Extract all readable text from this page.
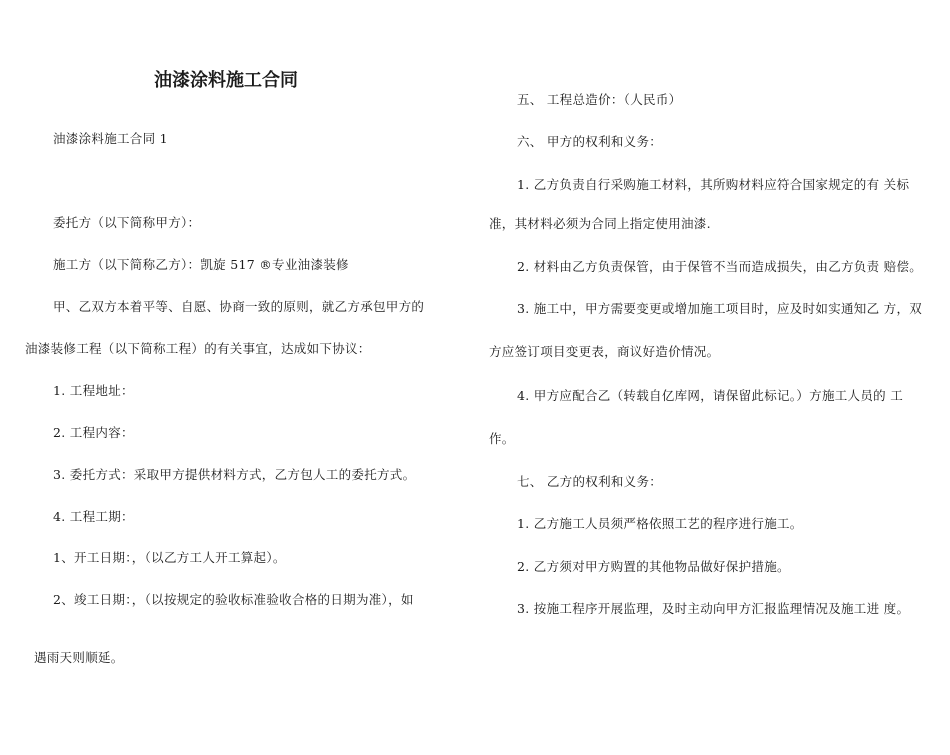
油漆涂料施工合同
油漆涂料施工合同 1
委托方（以下简称甲方）：
施工方（以下简称乙方）：凯旋 517 ®专业油漆装修
甲、乙双方本着平等、自愿、协商一致的原则，就乙方承包甲方的
油漆装修工程（以下简称工程）的有关事宜，达成如下协议：
1. 工程地址：
2. 工程内容：
3. 委托方式：采取甲方提供材料方式，乙方包人工的委托方式。
4. 工程工期：
1、开工日期：，（以乙方工人开工算起）。
2、竣工日期：，（以按规定的验收标准验收合格的日期为准），如
遇雨天则顺延。
五、 工程总造价：（人民币）
六、 甲方的权利和义务：
1. 乙方负责自行采购施工材料，其所购材料应符合国家规定的有 关标
准，其材料必须为合同上指定使用油漆.
2. 材料由乙方负责保管，由于保管不当而造成损失，由乙方负责 赔偿。
3. 施工中，甲方需要变更或增加施工项目时，应及时如实通知乙 方，双
方应签订项目变更表，商议好造价情况。
4. 甲方应配合乙（转载自亿库网，请保留此标记。）方施工人员的 工
作。
七、 乙方的权利和义务：
1. 乙方施工人员须严格依照工艺的程序进行施工。
2. 乙方须对甲方购置的其他物品做好保护措施。
3. 按施工程序开展监理，及时主动向甲方汇报监理情况及施工进 度。
